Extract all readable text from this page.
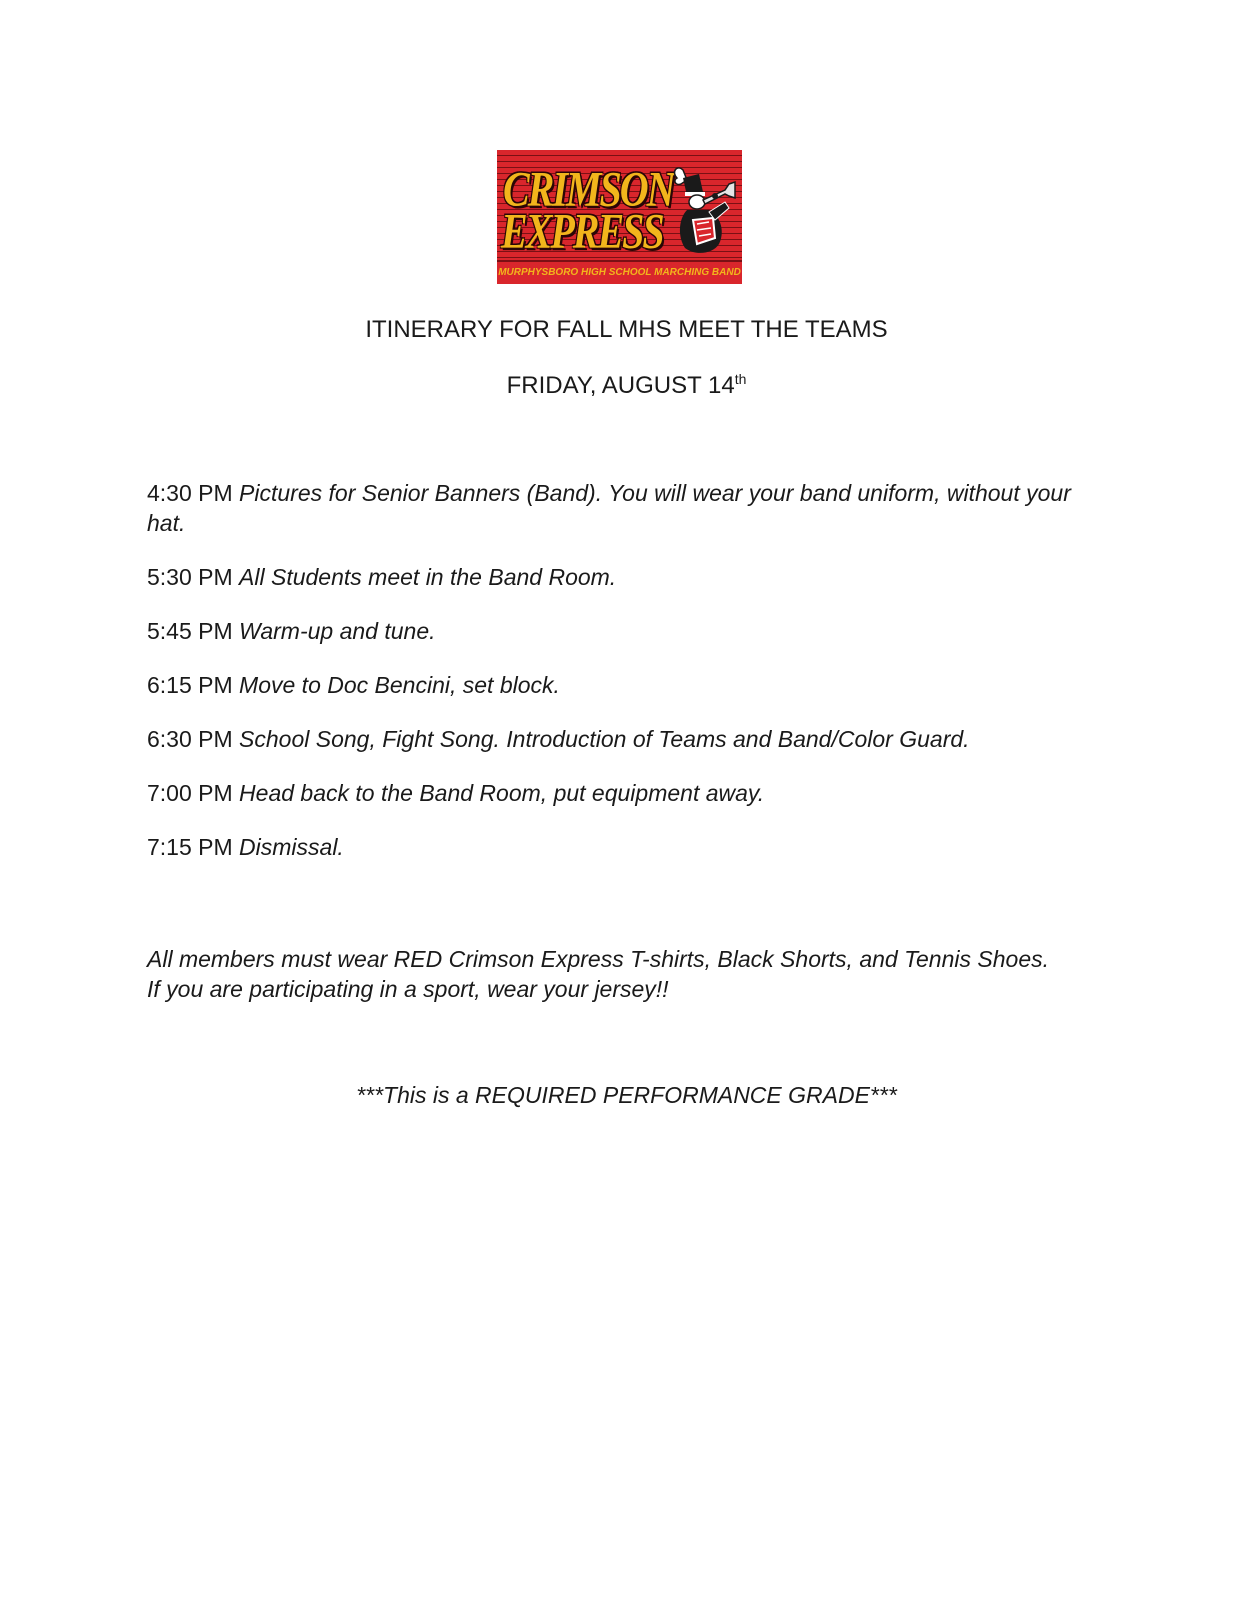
CRIMSON
EXPRESS
MURPHYSBORO HIGH SCHOOL MARCHING BAND
ITINERARY FOR FALL MHS MEET THE TEAMS
FRIDAY, AUGUST 14th
4:30 PM Pictures for Senior Banners (Band). You will wear your band uniform, without your hat.
5:30 PM All Students meet in the Band Room.
5:45 PM Warm-up and tune.
6:15 PM Move to Doc Bencini, set block.
6:30 PM School Song, Fight Song. Introduction of Teams and Band/Color Guard.
7:00 PM Head back to the Band Room, put equipment away.
7:15 PM Dismissal.
All members must wear RED Crimson Express T-shirts, Black Shorts, and Tennis Shoes.
If you are participating in a sport, wear your jersey!!
***This is a REQUIRED PERFORMANCE GRADE***
